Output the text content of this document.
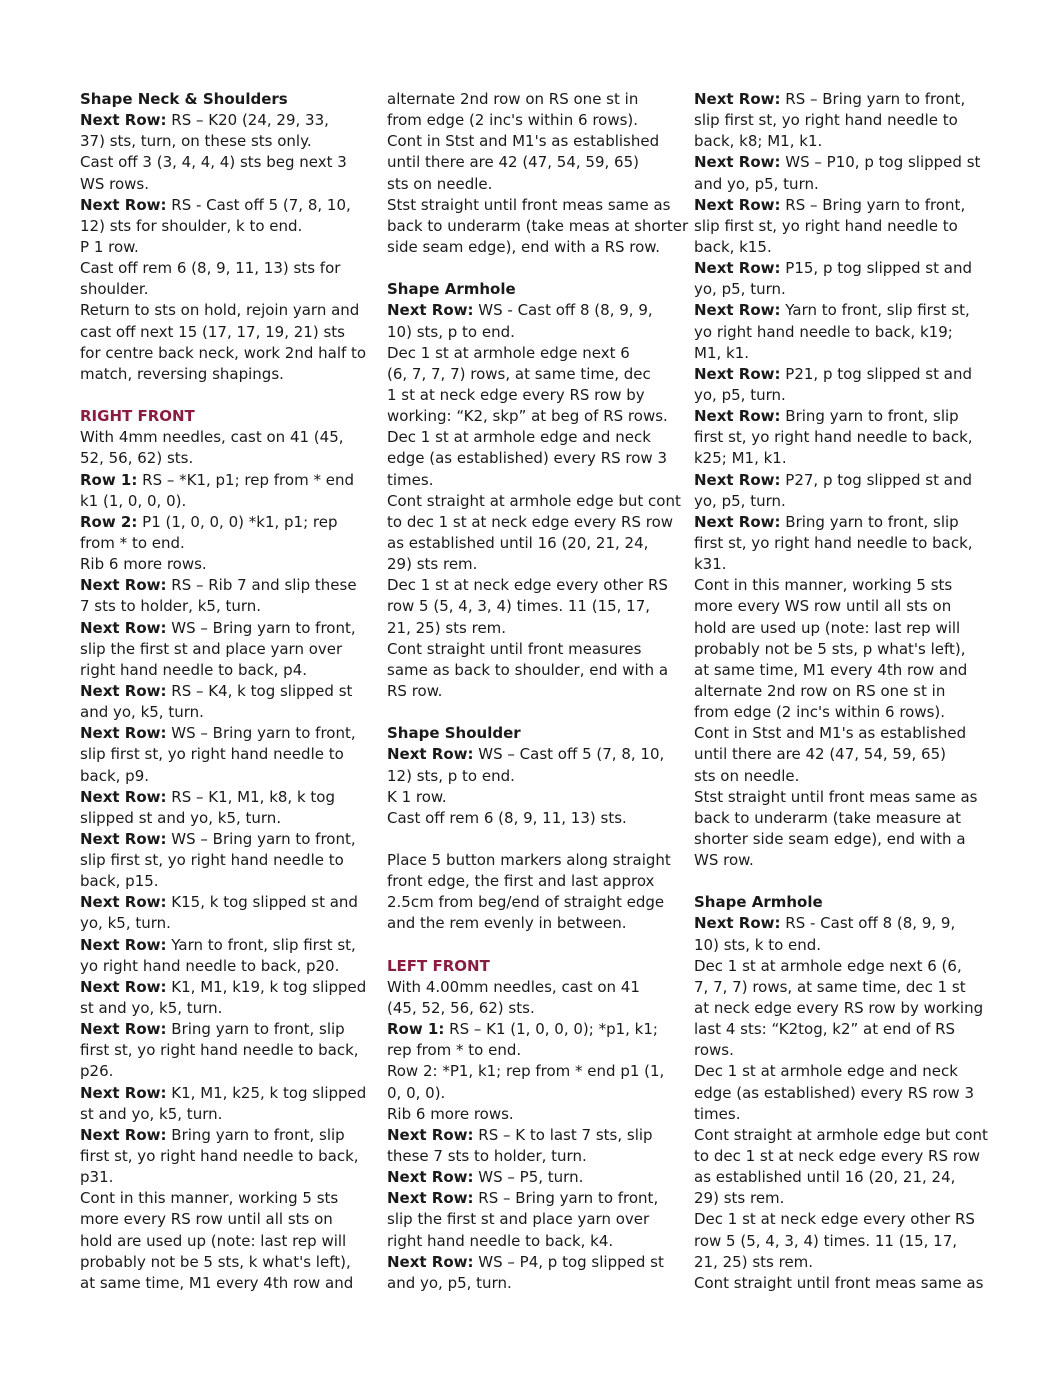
Shape Neck & Shoulders
Next Row: RS – K20 (24, 29, 33,
37) sts, turn, on these sts only.
Cast off 3 (3, 4, 4, 4) sts beg next 3
WS rows.
Next Row: RS - Cast off 5 (7, 8, 10,
12) sts for shoulder, k to end.
P 1 row.
Cast off rem 6 (8, 9, 11, 13) sts for
shoulder.
Return to sts on hold, rejoin yarn and
cast off next 15 (17, 17, 19, 21) sts
for centre back neck, work 2nd half to
match, reversing shapings.
RIGHT FRONT
With 4mm needles, cast on 41 (45,
52, 56, 62) sts.
Row 1: RS – *K1, p1; rep from * end
k1 (1, 0, 0, 0).
Row 2: P1 (1, 0, 0, 0) *k1, p1; rep
from * to end.
Rib 6 more rows.
Next Row: RS – Rib 7 and slip these
7 sts to holder, k5, turn.
Next Row: WS – Bring yarn to front,
slip the first st and place yarn over
right hand needle to back, p4.
Next Row: RS – K4, k tog slipped st
and yo, k5, turn.
Next Row: WS – Bring yarn to front,
slip first st, yo right hand needle to
back, p9.
Next Row: RS – K1, M1, k8, k tog
slipped st and yo, k5, turn.
Next Row: WS – Bring yarn to front,
slip first st, yo right hand needle to
back, p15.
Next Row: K15, k tog slipped st and
yo, k5, turn.
Next Row: Yarn to front, slip first st,
yo right hand needle to back, p20.
Next Row: K1, M1, k19, k tog slipped
st and yo, k5, turn.
Next Row: Bring yarn to front, slip
first st, yo right hand needle to back,
p26.
Next Row: K1, M1, k25, k tog slipped
st and yo, k5, turn.
Next Row: Bring yarn to front, slip
first st, yo right hand needle to back,
p31.
Cont in this manner, working 5 sts
more every RS row until all sts on
hold are used up (note: last rep will
probably not be 5 sts, k what's left),
at same time, M1 every 4th row and
alternate 2nd row on RS one st in
from edge (2 inc's within 6 rows).
Cont in Stst and M1's as established
until there are 42 (47, 54, 59, 65)
sts on needle.
Stst straight until front meas same as
back to underarm (take meas at shorter
side seam edge), end with a RS row.
Shape Armhole
Next Row: WS - Cast off 8 (8, 9, 9,
10) sts, p to end.
Dec 1 st at armhole edge next 6
(6, 7, 7, 7) rows, at same time, dec
1 st at neck edge every RS row by
working: “K2, skp” at beg of RS rows.
Dec 1 st at armhole edge and neck
edge (as established) every RS row 3
times.
Cont straight at armhole edge but cont
to dec 1 st at neck edge every RS row
as established until 16 (20, 21, 24,
29) sts rem.
Dec 1 st at neck edge every other RS
row 5 (5, 4, 3, 4) times. 11 (15, 17,
21, 25) sts rem.
Cont straight until front measures
same as back to shoulder, end with a
RS row.
Shape Shoulder
Next Row: WS – Cast off 5 (7, 8, 10,
12) sts, p to end.
K 1 row.
Cast off rem 6 (8, 9, 11, 13) sts.
Place 5 button markers along straight
front edge, the first and last approx
2.5cm from beg/end of straight edge
and the rem evenly in between.
LEFT FRONT
With 4.00mm needles, cast on 41
(45, 52, 56, 62) sts.
Row 1: RS – K1 (1, 0, 0, 0); *p1, k1;
rep from * to end.
Row 2: *P1, k1; rep from * end p1 (1,
0, 0, 0).
Rib 6 more rows.
Next Row: RS – K to last 7 sts, slip
these 7 sts to holder, turn.
Next Row: WS – P5, turn.
Next Row: RS – Bring yarn to front,
slip the first st and place yarn over
right hand needle to back, k4.
Next Row: WS – P4, p tog slipped st
and yo, p5, turn.
Next Row: RS – Bring yarn to front,
slip first st, yo right hand needle to
back, k8; M1, k1.
Next Row: WS – P10, p tog slipped st
and yo, p5, turn.
Next Row: RS – Bring yarn to front,
slip first st, yo right hand needle to
back, k15.
Next Row: P15, p tog slipped st and
yo, p5, turn.
Next Row: Yarn to front, slip first st,
yo right hand needle to back, k19;
M1, k1.
Next Row: P21, p tog slipped st and
yo, p5, turn.
Next Row: Bring yarn to front, slip
first st, yo right hand needle to back,
k25; M1, k1.
Next Row: P27, p tog slipped st and
yo, p5, turn.
Next Row: Bring yarn to front, slip
first st, yo right hand needle to back,
k31.
Cont in this manner, working 5 sts
more every WS row until all sts on
hold are used up (note: last rep will
probably not be 5 sts, p what's left),
at same time, M1 every 4th row and
alternate 2nd row on RS one st in
from edge (2 inc's within 6 rows).
Cont in Stst and M1's as established
until there are 42 (47, 54, 59, 65)
sts on needle.
Stst straight until front meas same as
back to underarm (take measure at
shorter side seam edge), end with a
WS row.
Shape Armhole
Next Row: RS - Cast off 8 (8, 9, 9,
10) sts, k to end.
Dec 1 st at armhole edge next 6 (6,
7, 7, 7) rows, at same time, dec 1 st
at neck edge every RS row by working
last 4 sts: “K2tog, k2” at end of RS
rows.
Dec 1 st at armhole edge and neck
edge (as established) every RS row 3
times.
Cont straight at armhole edge but cont
to dec 1 st at neck edge every RS row
as established until 16 (20, 21, 24,
29) sts rem.
Dec 1 st at neck edge every other RS
row 5 (5, 4, 3, 4) times. 11 (15, 17,
21, 25) sts rem.
Cont straight until front meas same as
